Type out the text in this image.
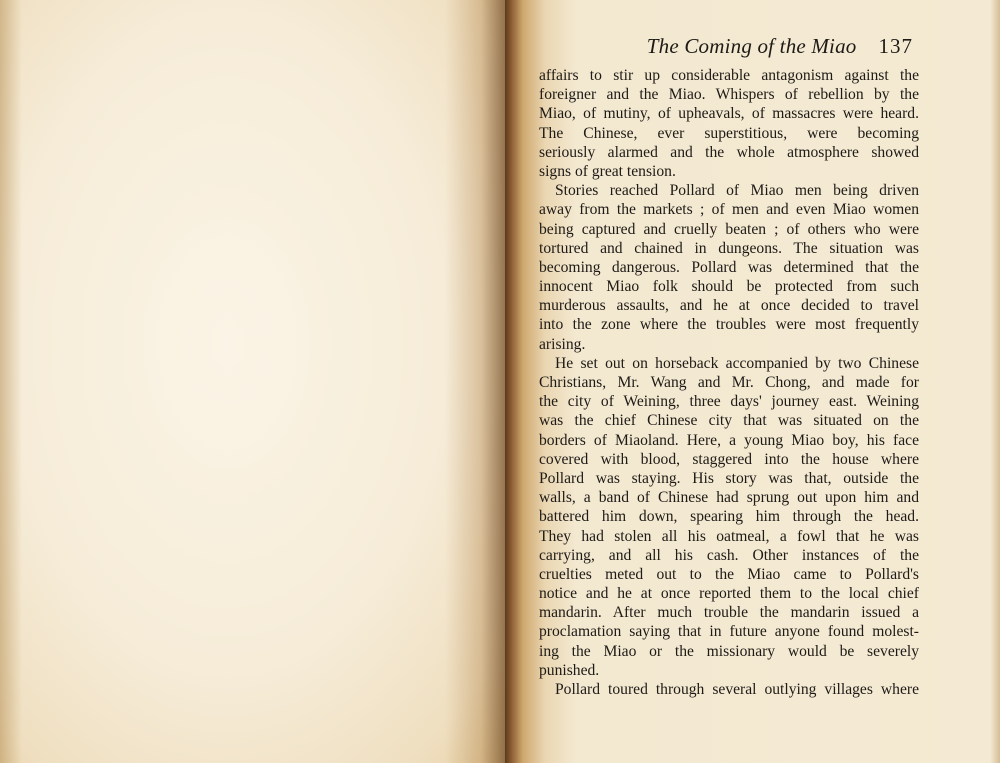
The Coming of the Miao 137
affairs to stir up considerable antagonism against the
foreigner and the Miao. Whispers of rebellion by the
Miao, of mutiny, of upheavals, of massacres were heard.
The Chinese, ever superstitious, were becoming
seriously alarmed and the whole atmosphere showed
signs of great tension.
Stories reached Pollard of Miao men being driven
away from the markets ; of men and even Miao women
being captured and cruelly beaten ; of others who were
tortured and chained in dungeons. The situation was
becoming dangerous. Pollard was determined that the
innocent Miao folk should be protected from such
murderous assaults, and he at once decided to travel
into the zone where the troubles were most frequently
arising.
He set out on horseback accompanied by two Chinese
Christians, Mr. Wang and Mr. Chong, and made for
the city of Weining, three days' journey east. Weining
was the chief Chinese city that was situated on the
borders of Miaoland. Here, a young Miao boy, his face
covered with blood, staggered into the house where
Pollard was staying. His story was that, outside the
walls, a band of Chinese had sprung out upon him and
battered him down, spearing him through the head.
They had stolen all his oatmeal, a fowl that he was
carrying, and all his cash. Other instances of the
cruelties meted out to the Miao came to Pollard's
notice and he at once reported them to the local chief
mandarin. After much trouble the mandarin issued a
proclamation saying that in future anyone found molest-
ing the Miao or the missionary would be severely
punished.
Pollard toured through several outlying villages where
